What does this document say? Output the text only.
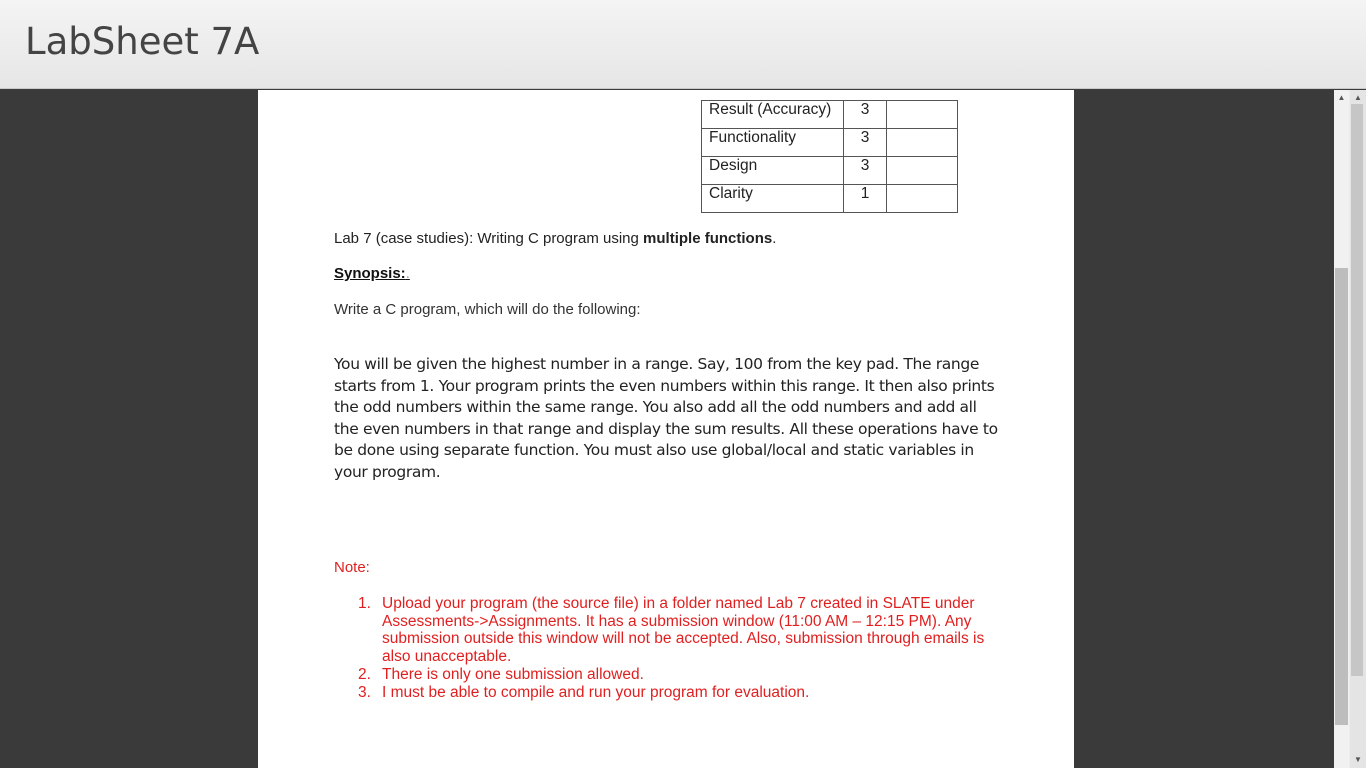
LabSheet 7A
Result (Accuracy)	3	
Functionality	3	
Design	3	
Clarity	1	
Lab 7 (case studies): Writing C program using multiple functions.
Synopsis:.
Write a C program, which will do the following:
You will be given the highest number in a range. Say, 100 from the key pad. The range starts from 1. Your program prints the even numbers within this range. It then also prints the odd numbers within the same range. You also add all the odd numbers and add all the even numbers in that range and display the sum results. All these operations have to be done using separate function. You must also use global/local and static variables in your program.
Note:
1. Upload your program (the source file) in a folder named Lab 7 created in SLATE under Assessments->Assignments. It has a submission window (11:00 AM – 12:15 PM). Any submission outside this window will not be accepted. Also, submission through emails is also unacceptable.
2. There is only one submission allowed.
3. I must be able to compile and run your program for evaluation.
▲	▲
▼
